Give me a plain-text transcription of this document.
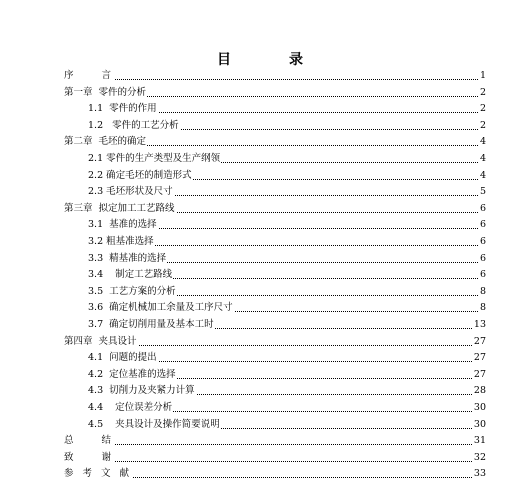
目　录
序　　言	1
第一章  零件的分析	2
1.1  零件的作用	2
1.2   零件的工艺分析	2
第二章  毛坯的确定	4
2.1 零件的生产类型及生产纲领	4
2.2 确定毛坯的制造形式	4
2.3 毛坯形状及尺寸	5
第三章  拟定加工工艺路线	6
3.1  基准的选择	6
3.2 粗基准选择	6
3.3  精基准的选择	6
3.4    制定工艺路线	6
3.5  工艺方案的分析	8
3.6  确定机械加工余量及工序尺寸	8
3.7  确定切削用量及基本工时	13
第四章  夹具设计	27
4.1  问题的提出	27
4.2  定位基准的选择	27
4.3  切削力及夹紧力计算	28
4.4    定位误差分析	30
4.5    夹具设计及操作简要说明	30
总　　结	31
致　　谢	32
参 考 文 献	33
